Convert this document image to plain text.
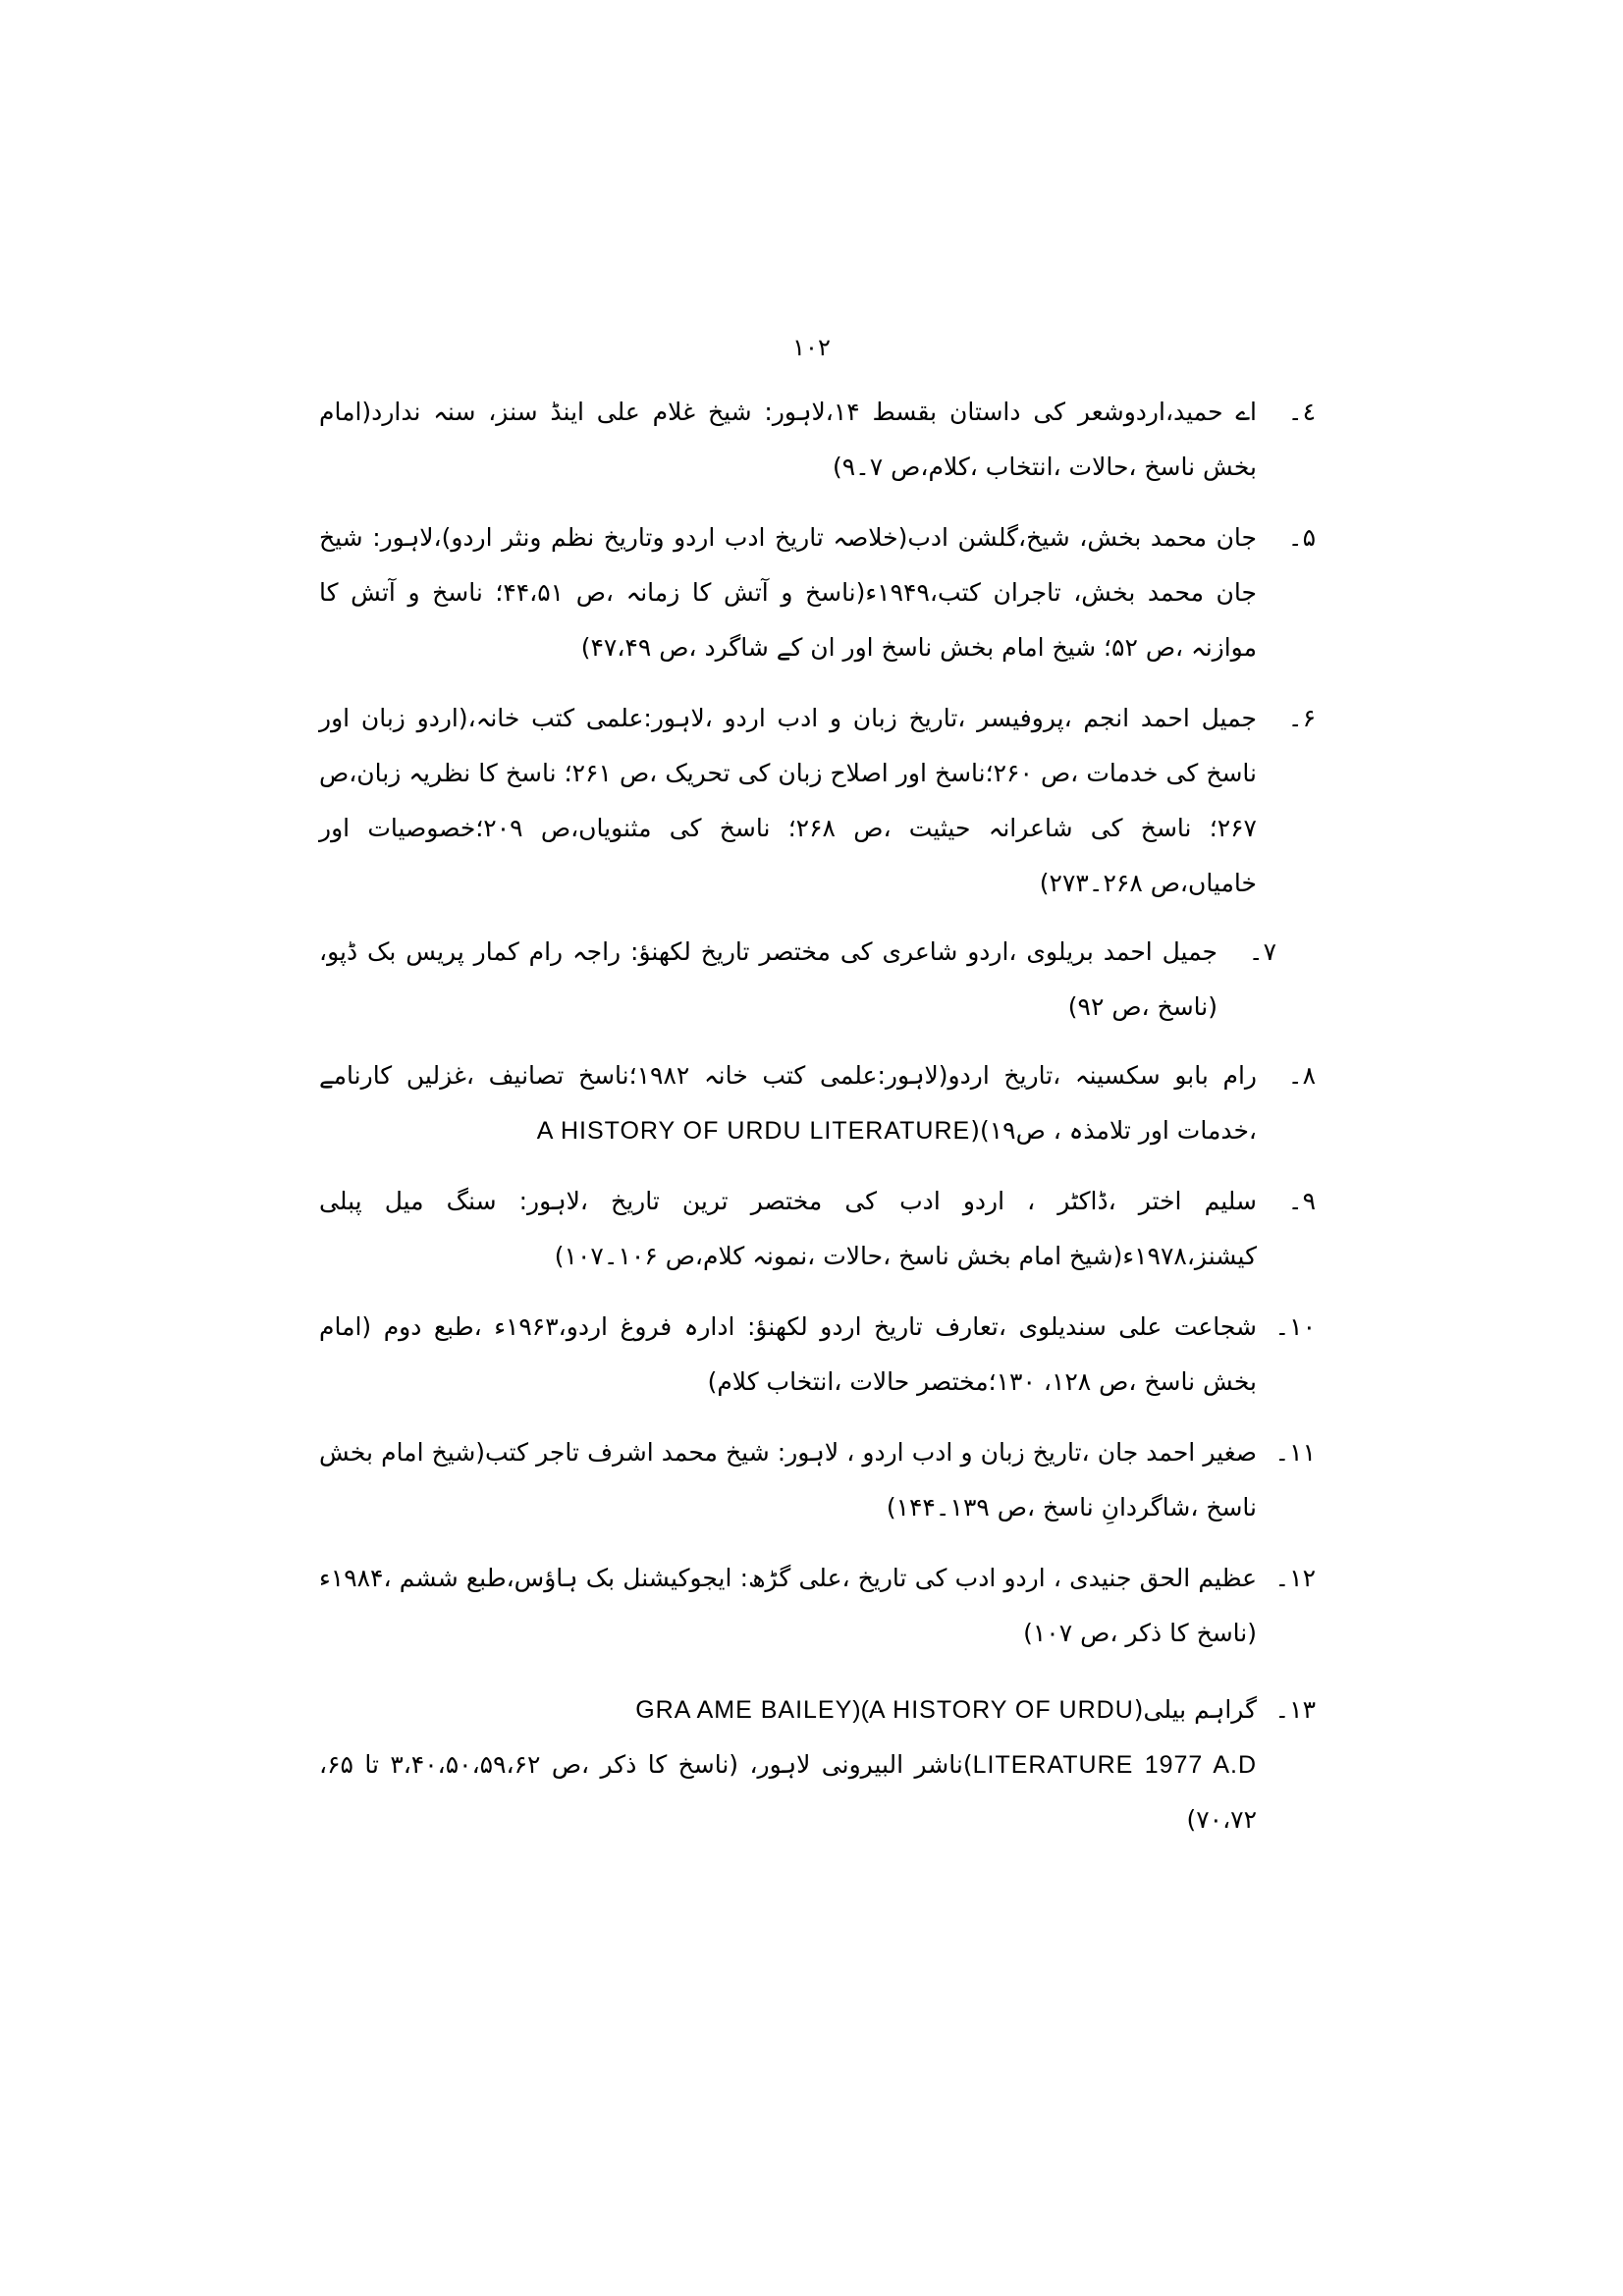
١٠٢

٤۔
اے حمید،اردوشعر کی داستان بقسط ۱۴،لاہور: شیخ غلام علی اینڈ سنز، سنہ ندارد(امام بخش ناسخ ،حالات ،انتخاب ،کلام،ص ۷۔۹)

۵۔
جان محمد بخش، شیخ،گلشن ادب(خلاصہ تاریخ ادب اردو وتاریخ نظم ونثر اردو)،لاہور: شیخ جان محمد بخش، تاجران کتب،۱۹۴۹ء(ناسخ و آتش کا زمانہ ،ص ۴۴،۵۱؛ ناسخ و آتش کا موازنہ ،ص ۵۲؛ شیخ امام بخش ناسخ اور ان کے شاگرد ،ص ۴۷،۴۹)

۶۔
جمیل احمد انجم ،پروفیسر ،تاریخ زبان و ادب اردو ،لاہور:علمی کتب خانہ،(اردو زبان اور ناسخ کی خدمات ،ص ۲۶۰؛ناسخ اور اصلاح زبان کی تحریک ،ص ۲۶۱؛ ناسخ کا نظریہ زبان،ص ۲۶۷؛ ناسخ کی شاعرانہ حیثیت ،ص ۲۶۸؛ ناسخ کی مثنویاں،ص ۲۰۹؛خصوصیات اور خامیاں،ص ۲۶۸۔۲۷۳)

۷۔
جمیل احمد بریلوی ،اردو شاعری کی مختصر تاریخ لکھنؤ: راجہ رام کمار پریس بک ڈپو،(ناسخ ،ص ۹۲)

۸۔
رام بابو سکسینہ ،تاریخ اردو(لاہور:علمی کتب خانہ ۱۹۸۲؛ناسخ تصانیف ،غزلیں کارنامے ،خدمات اور تلامذہ ، ص۱۹)(A HISTORY OF URDU LITERATURE

۹۔
سلیم اختر ،ڈاکٹر ، اردو ادب کی مختصر ترین تاریخ ،لاہور: سنگ میل پبلی کیشنز،۱۹۷۸ء(شیخ امام بخش ناسخ ،حالات ،نمونہ کلام،ص ۱۰۶۔۱۰۷)

۱۰۔
شجاعت علی سندیلوی ،تعارف تاریخ اردو لکھنؤ: ادارہ فروغ اردو،۱۹۶۳ء ،طبع دوم (امام بخش ناسخ ،ص ۱۲۸، ۱۳۰؛مختصر حالات ،انتخاب کلام)

۱۱۔
صغیر احمد جان ،تاریخ زبان و ادب اردو ، لاہور: شیخ محمد اشرف تاجر کتب(شیخ امام بخش ناسخ ،شاگردانِ ناسخ ،ص ۱۳۹۔۱۴۴)

۱۲۔
عظیم الحق جنیدی ، اردو ادب کی تاریخ ،علی گڑھ: ایجوکیشنل بک ہاؤس،طبع ششم ،۱۹۸۴ء (ناسخ کا ذکر ،ص ۱۰۷)

۱۳۔
گراہم بیلی(GRA AME BAILEY)(A HISTORY OF URDU
LITERATURE 1977 A.D)ناشر البیرونی لاہور، (ناسخ کا ذکر ،ص ۳،۴۰،۵۰،۵۹،۶۲ تا ۶۵، ۷۰،۷۲)
